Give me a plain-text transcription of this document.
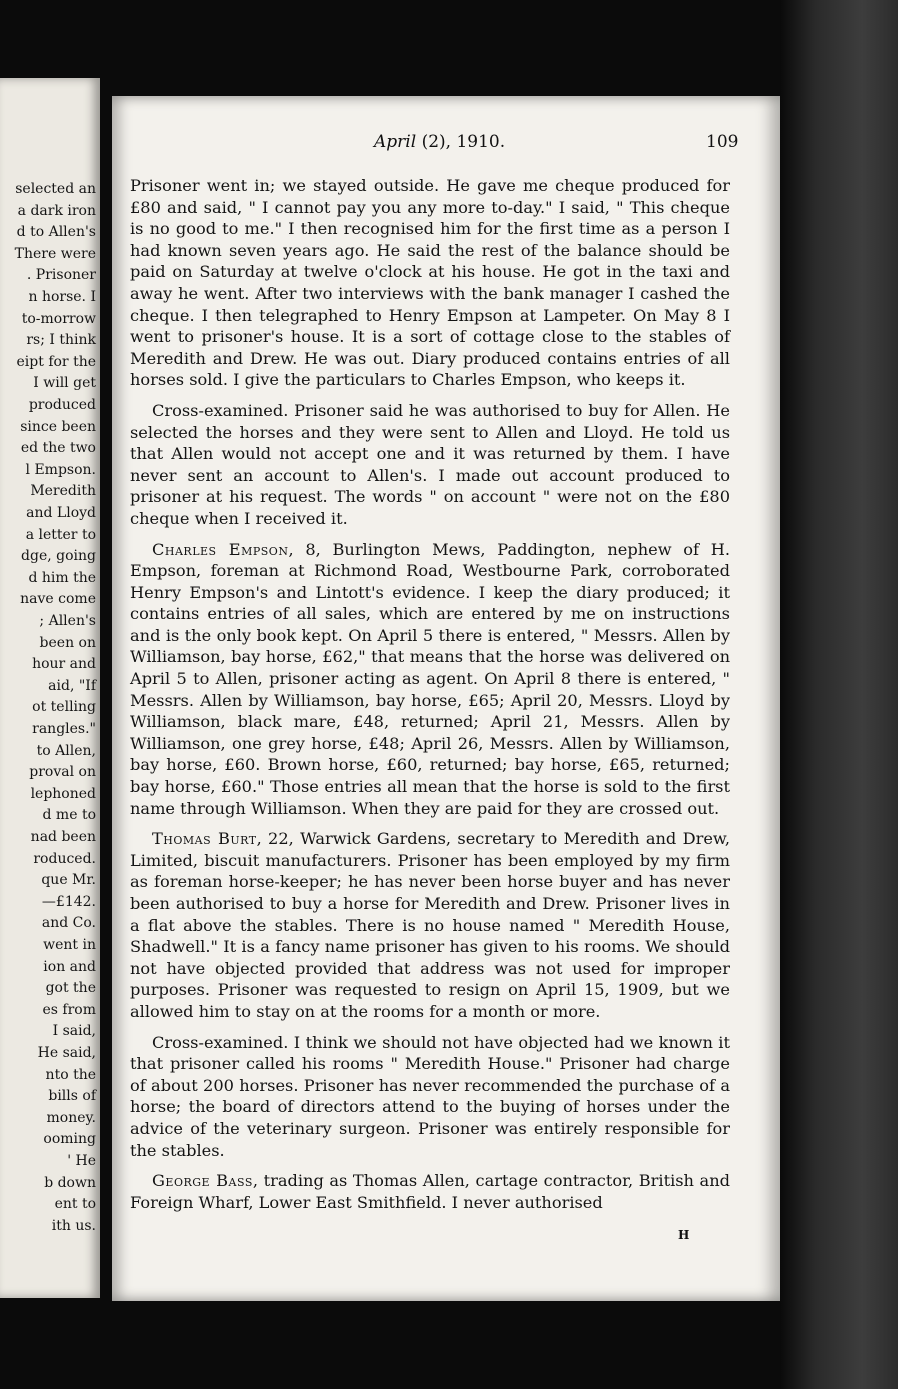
selected an
a dark iron
d to Allen's
There were
. Prisoner
n horse. I
to-morrow
rs; I think
eipt for the
I will get
produced
since been
ed the two
l Empson.
Meredith
and Lloyd
a letter to
dge, going
d him the
nave come
; Allen's
been on
hour and
aid, "If
ot telling
rangles."
to Allen,
proval on
lephoned
d me to
nad been
roduced.
que Mr.
—£142.
and Co.
went in
ion and
got the
es from
I said,
He said,
nto the
bills of
money.
ooming
' He
b down
ent to
ith us.
April (2), 1910.	109

Prisoner went in; we stayed outside. He gave me cheque produced for £80 and said, " I cannot pay you any more to-day." I said, " This cheque is no good to me." I then recognised him for the first time as a person I had known seven years ago. He said the rest of the balance should be paid on Saturday at twelve o'clock at his house. He got in the taxi and away he went. After two interviews with the bank manager I cashed the cheque. I then telegraphed to Henry Empson at Lampeter. On May 8 I went to prisoner's house. It is a sort of cottage close to the stables of Meredith and Drew. He was out. Diary produced contains entries of all horses sold. I give the particulars to Charles Empson, who keeps it.

Cross-examined. Prisoner said he was authorised to buy for Allen. He selected the horses and they were sent to Allen and Lloyd. He told us that Allen would not accept one and it was returned by them. I have never sent an account to Allen's. I made out account produced to prisoner at his request. The words " on account " were not on the £80 cheque when I received it.

Charles Empson, 8, Burlington Mews, Paddington, nephew of H. Empson, foreman at Richmond Road, Westbourne Park, corroborated Henry Empson's and Lintott's evidence. I keep the diary produced; it contains entries of all sales, which are entered by me on instructions and is the only book kept. On April 5 there is entered, " Messrs. Allen by Williamson, bay horse, £62," that means that the horse was delivered on April 5 to Allen, prisoner acting as agent. On April 8 there is entered, " Messrs. Allen by Williamson, bay horse, £65; April 20, Messrs. Lloyd by Williamson, black mare, £48, returned; April 21, Messrs. Allen by Williamson, one grey horse, £48; April 26, Messrs. Allen by Williamson, bay horse, £60. Brown horse, £60, returned; bay horse, £65, returned; bay horse, £60." Those entries all mean that the horse is sold to the first name through Williamson. When they are paid for they are crossed out.

Thomas Burt, 22, Warwick Gardens, secretary to Meredith and Drew, Limited, biscuit manufacturers. Prisoner has been employed by my firm as foreman horse-keeper; he has never been horse buyer and has never been authorised to buy a horse for Meredith and Drew. Prisoner lives in a flat above the stables. There is no house named " Meredith House, Shadwell." It is a fancy name prisoner has given to his rooms. We should not have objected provided that address was not used for improper purposes. Prisoner was requested to resign on April 15, 1909, but we allowed him to stay on at the rooms for a month or more.

Cross-examined. I think we should not have objected had we known it that prisoner called his rooms " Meredith House." Prisoner had charge of about 200 horses. Prisoner has never recommended the purchase of a horse; the board of directors attend to the buying of horses under the advice of the veterinary surgeon. Prisoner was entirely responsible for the stables.

George Bass, trading as Thomas Allen, cartage contractor, British and Foreign Wharf, Lower East Smithfield. I never authorised

H
